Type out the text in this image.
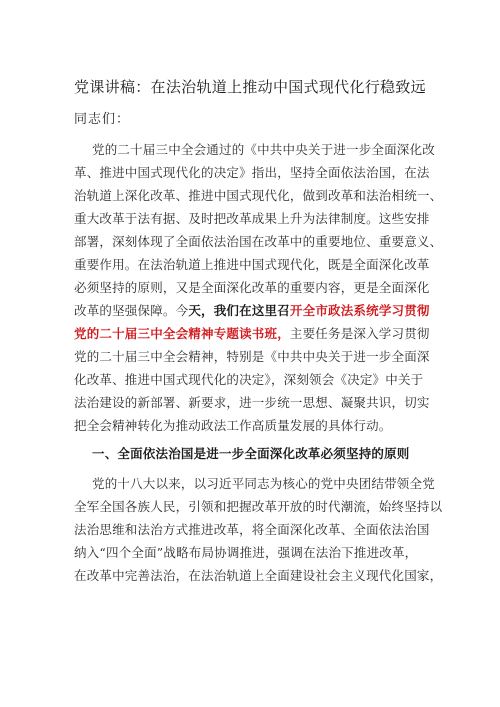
党课讲稿：在法治轨道上推动中国式现代化行稳致远
同志们：
党的二十届三中全会通过的《中共中央关于进一步全面深化改
革、推进中国式现代化的决定》指出，坚持全面依法治国，在法
治轨道上深化改革、推进中国式现代化，做到改革和法治相统一、
重大改革于法有据、及时把改革成果上升为法律制度。这些安排
部署，深刻体现了全面依法治国在改革中的重要地位、重要意义、
重要作用。在法治轨道上推进中国式现代化，既是全面深化改革
必须坚持的原则，又是全面深化改革的重要内容，更是全面深化
改革的坚强保障。今天，我们在这里召开全市政法系统学习贯彻
党的二十届三中全会精神专题读书班，主要任务是深入学习贯彻
党的二十届三中全会精神，特别是《中共中央关于进一步全面深
化改革、推进中国式现代化的决定》，深刻领会《决定》中关于
法治建设的新部署、新要求，进一步统一思想、凝聚共识，切实
把全会精神转化为推动政法工作高质量发展的具体行动。
一、全面依法治国是进一步全面深化改革必须坚持的原则
党的十八大以来，以习近平同志为核心的党中央团结带领全党
全军全国各族人民，引领和把握改革开放的时代潮流，始终坚持以
法治思维和法治方式推进改革，将全面深化改革、全面依法治国
纳入“四个全面”战略布局协调推进，强调在法治下推进改革，
在改革中完善法治，在法治轨道上全面建设社会主义现代化国家，
